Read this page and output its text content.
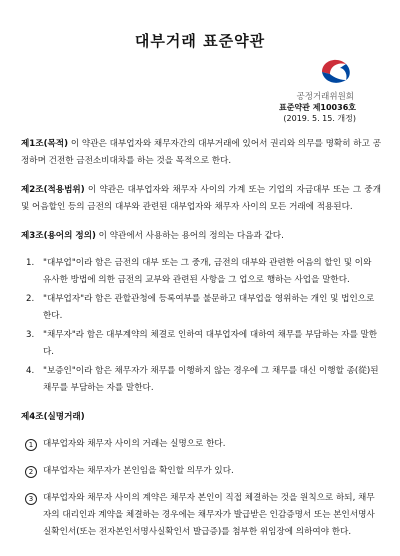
대부거래 표준약관
공정거래위원회
표준약관 제10036호
(2019. 5. 15. 개정)

제1조(목적) 이 약관은 대부업자와 채무자간의 대부거래에 있어서 권리와 의무를 명확히 하고 공정하며 건전한 금전소비대차를 하는 것을 목적으로 한다.

제2조(적용범위) 이 약관은 대부업자와 채무자 사이의 가계 또는 기업의 자금대부 또는 그 중개 및 어음할인 등의 금전의 대부와 관련된 대부업자와 채무자 사이의 모든 거래에 적용된다.

제3조(용어의 정의) 이 약관에서 사용하는 용어의 정의는 다음과 같다.

1. "대부업"이라 함은 금전의 대부 또는 그 중개, 금전의 대부와 관련한 어음의 할인 및 이와 유사한 방법에 의한 금전의 교부와 관련된 사항을 그 업으로 행하는 사업을 말한다.
2. "대부업자"라 함은 관할관청에 등록여부를 불문하고 대부업을 영위하는 개인 및 법인으로 한다.
3. "채무자"라 함은 대부계약의 체결로 인하여 대부업자에 대하여 채무를 부담하는 자를 말한다.
4. "보증인"이라 함은 채무자가 채무를 이행하지 않는 경우에 그 채무를 대신 이행할 종(從)된 채무를 부담하는 자를 말한다.

제4조(실명거래)

1	대부업자와 채무자 사이의 거래는 실명으로 한다.

2	대부업자는 채무자가 본인임을 확인할 의무가 있다.

3	대부업자와 채무자 사이의 계약은 채무자 본인이 직접 체결하는 것을 원칙으로 하되, 채무자의 대리인과 계약을 체결하는 경우에는 채무자가 발급받은 인감증명서 또는 본인서명사실확인서(또는 전자본인서명사실확인서 발급증)를 첨부한 위임장에 의하여야 한다.
